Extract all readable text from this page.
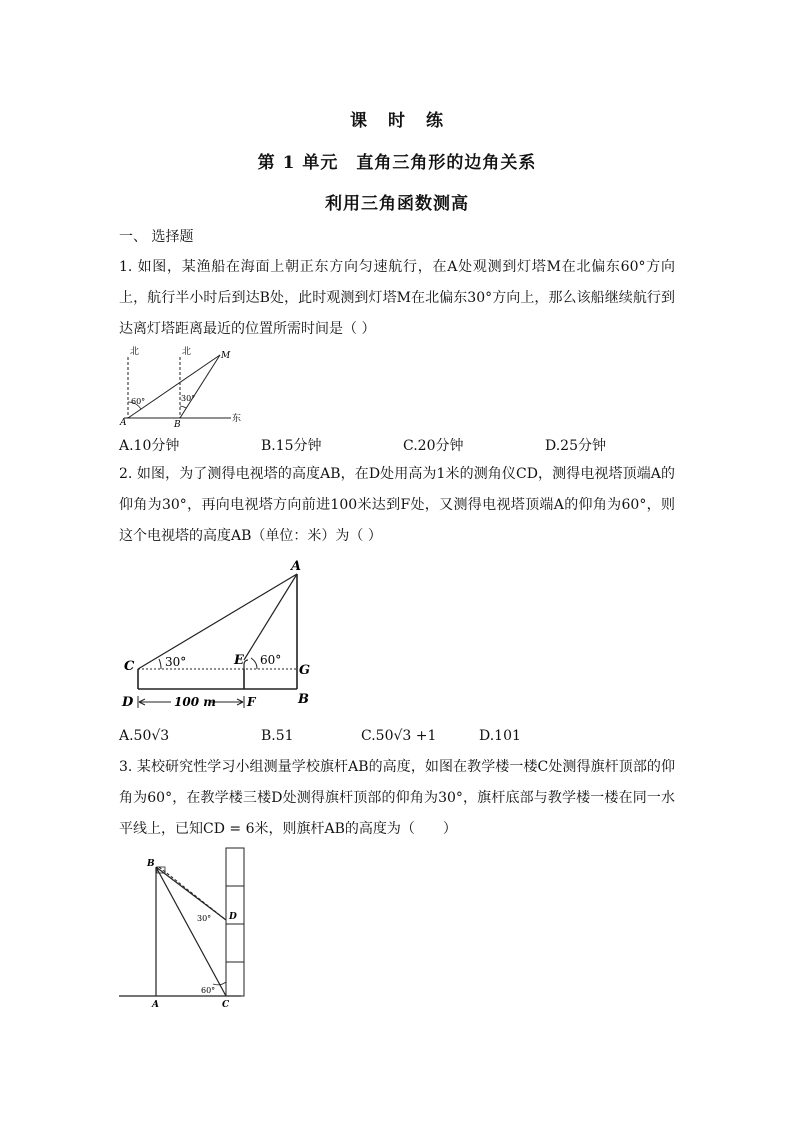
课 时 练
第 1 单元　直角三角形的边角关系
利用三角函数测高
一、 选择题
1. 如图，某渔船在海面上朝正东方向匀速航行，在A处观测到灯塔M在北偏东60°方向上，航行半小时后到达B处，此时观测到灯塔M在北偏东30°方向上，那么该船继续航行到达离灯塔距离最近的位置所需时间是（ ）
北	北
东
A	B
M
60°	30°
A.10分钟	B.15分钟	C.20分钟	D.25分钟
2. 如图，为了测得电视塔的高度AB，在D处用高为1米的测角仪CD，测得电视塔顶端A的仰角为30°，再向电视塔方向前进100米达到F处，又测得电视塔顶端A的仰角为60°，则这个电视塔的高度AB（单位：米）为（ ）
A
B
C
D
E
F
G
30°	60°
100 m
A.50√3	B.51	C.50√3 +1	D.101
3. 某校研究性学习小组测量学校旗杆AB的高度，如图在教学楼一楼C处测得旗杆顶部的仰角为60°，在教学楼三楼D处测得旗杆顶部的仰角为30°，旗杆底部与教学楼一楼在同一水平线上，已知CD = 6米，则旗杆AB的高度为（　　）
B
A	C
D
30°
60°
